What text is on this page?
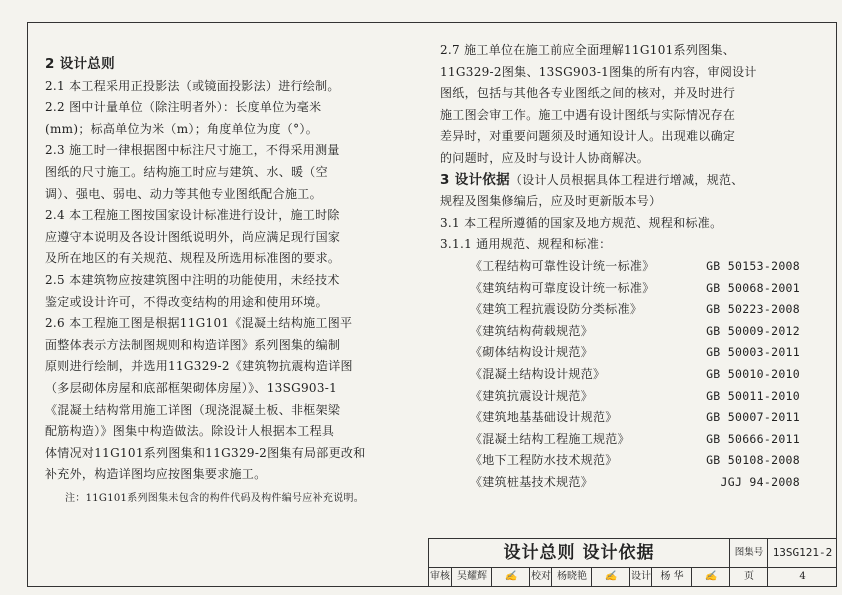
2 设计总则

2.1 本工程采用正投影法（或镜面投影法）进行绘制。

2.2 图中计量单位（除注明者外）：长度单位为毫米

(mm)；标高单位为米（m）；角度单位为度（°）。

2.3 施工时一律根据图中标注尺寸施工，不得采用测量

图纸的尺寸施工。结构施工时应与建筑、水、暖（空

调）、强电、弱电、动力等其他专业图纸配合施工。

2.4 本工程施工图按国家设计标准进行设计，施工时除

应遵守本说明及各设计图纸说明外，尚应满足现行国家

及所在地区的有关规范、规程及所选用标准图的要求。

2.5 本建筑物应按建筑图中注明的功能使用，未经技术

鉴定或设计许可，不得改变结构的用途和使用环境。

2.6 本工程施工图是根据11G101《混凝土结构施工图平

面整体表示方法制图规则和构造详图》系列图集的编制

原则进行绘制，并选用11G329-2《建筑物抗震构造详图

（多层砌体房屋和底部框架砌体房屋）》、13SG903-1

《混凝土结构常用施工详图（现浇混凝土板、非框架梁

配筋构造）》图集中构造做法。除设计人根据本工程具

体情况对11G101系列图集和11G329-2图集有局部更改和

补充外，构造详图均应按图集要求施工。

注：11G101系列图集未包含的构件代码及构件编号应补充说明。

2.7 施工单位在施工前应全面理解11G101系列图集、

11G329-2图集、13SG903-1图集的所有内容，审阅设计

图纸，包括与其他各专业图纸之间的核对，并及时进行

施工图会审工作。施工中遇有设计图纸与实际情况存在

差异时，对重要问题须及时通知设计人。出现难以确定

的问题时，应及时与设计人协商解决。

3 设计依据（设计人员根据具体工程进行增减，规范、

规程及图集修编后，应及时更新版本号）

3.1 本工程所遵循的国家及地方规范、规程和标准。

3.1.1 通用规范、规程和标准：

《工程结构可靠性设计统一标准》	GB 50153-2008
《建筑结构可靠度设计统一标准》	GB 50068-2001
《建筑工程抗震设防分类标准》	GB 50223-2008
《建筑结构荷载规范》	GB 50009-2012
《砌体结构设计规范》	GB 50003-2011
《混凝土结构设计规范》	GB 50010-2010
《建筑抗震设计规范》	GB 50011-2010
《建筑地基基础设计规范》	GB 50007-2011
《混凝土结构工程施工规范》	GB 50666-2011
《地下工程防水技术规范》	GB 50108-2008
《建筑桩基技术规范》	JGJ 94-2008
设计总则 设计依据	图集号 13SG121-2
审核 吴耀辉	✍	校对 杨晓艳	✍	设计 杨 华	✍	页	4
